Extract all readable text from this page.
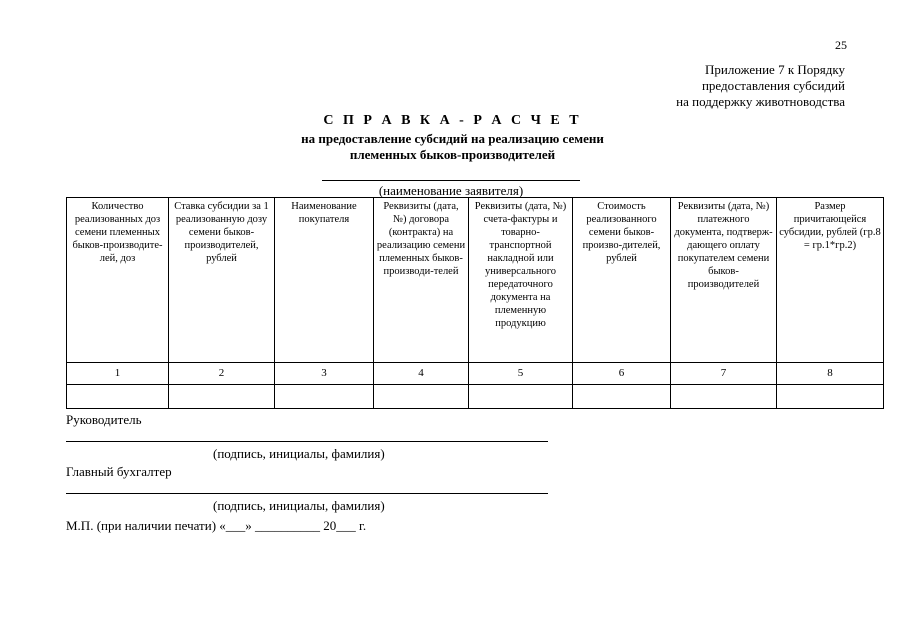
25
Приложение 7 к Порядку
предоставления субсидий
на поддержку животноводства
С П Р А В К А - Р А С Ч Е Т
на предоставление субсидий на реализацию семени
племенных быков-производителей
(наименование заявителя)
Количество реализованных доз семени племенных быков-производите-лей, доз	Ставка субсидии за 1 реализованную дозу семени быков-производителей, рублей	Наименование покупателя	Реквизиты (дата, №) договора (контракта) на реализацию семени племенных быков-производи-телей	Реквизиты (дата, №) счета-фактуры и товарно-транспортной накладной или универсального передаточного документа на племенную продукцию	Стоимость реализованного семени быков-произво-дителей, рублей	Реквизиты (дата, №) платежного документа, подтверж-дающего оплату покупателем семени быков-производителей	Размер причитающейся субсидии, рублей (гр.8 = гр.1*гр.2)
1	2	3	4	5	6	7	8

Руководитель
(подпись, инициалы, фамилия)
Главный бухгалтер
(подпись, инициалы, фамилия)
М.П. (при наличии печати) «___» __________ 20___ г.
